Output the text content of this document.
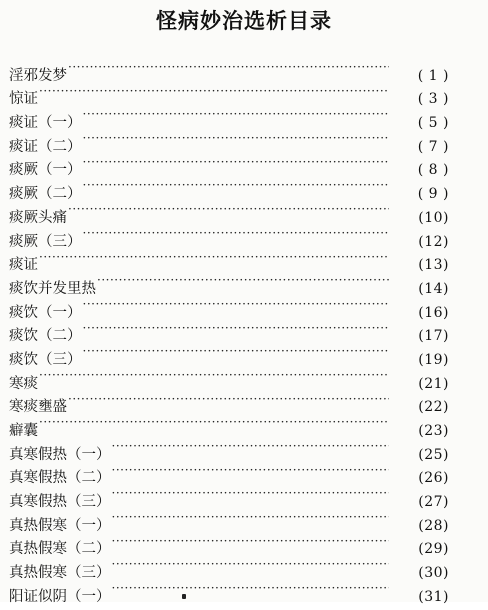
怪病妙治选析目录
淫邪发梦 ·····	( 1 )
惊证 ·····	( 3 )
痰证（一） ·····	( 5 )
痰证（二） ·····	( 7 )
痰厥（一） ·····	( 8 )
痰厥（二） ·····	( 9 )
痰厥头痛 ·····	(10)
痰厥（三） ·····	(12)
痰证 ·····	(13)
痰饮并发里热 ·····	(14)
痰饮（一） ·····	(16)
痰饮（二） ·····	(17)
痰饮（三） ·····	(19)
寒痰 ·····	(21)
寒痰壅盛 ·····	(22)
癖囊 ·····	(23)
真寒假热（一） ·····	(25)
真寒假热（二） ·····	(26)
真寒假热（三） ·····	(27)
真热假寒（一） ·····	(28)
真热假寒（二） ·····	(29)
真热假寒（三） ·····	(30)
阳证似阴（一） ·····	(31)
